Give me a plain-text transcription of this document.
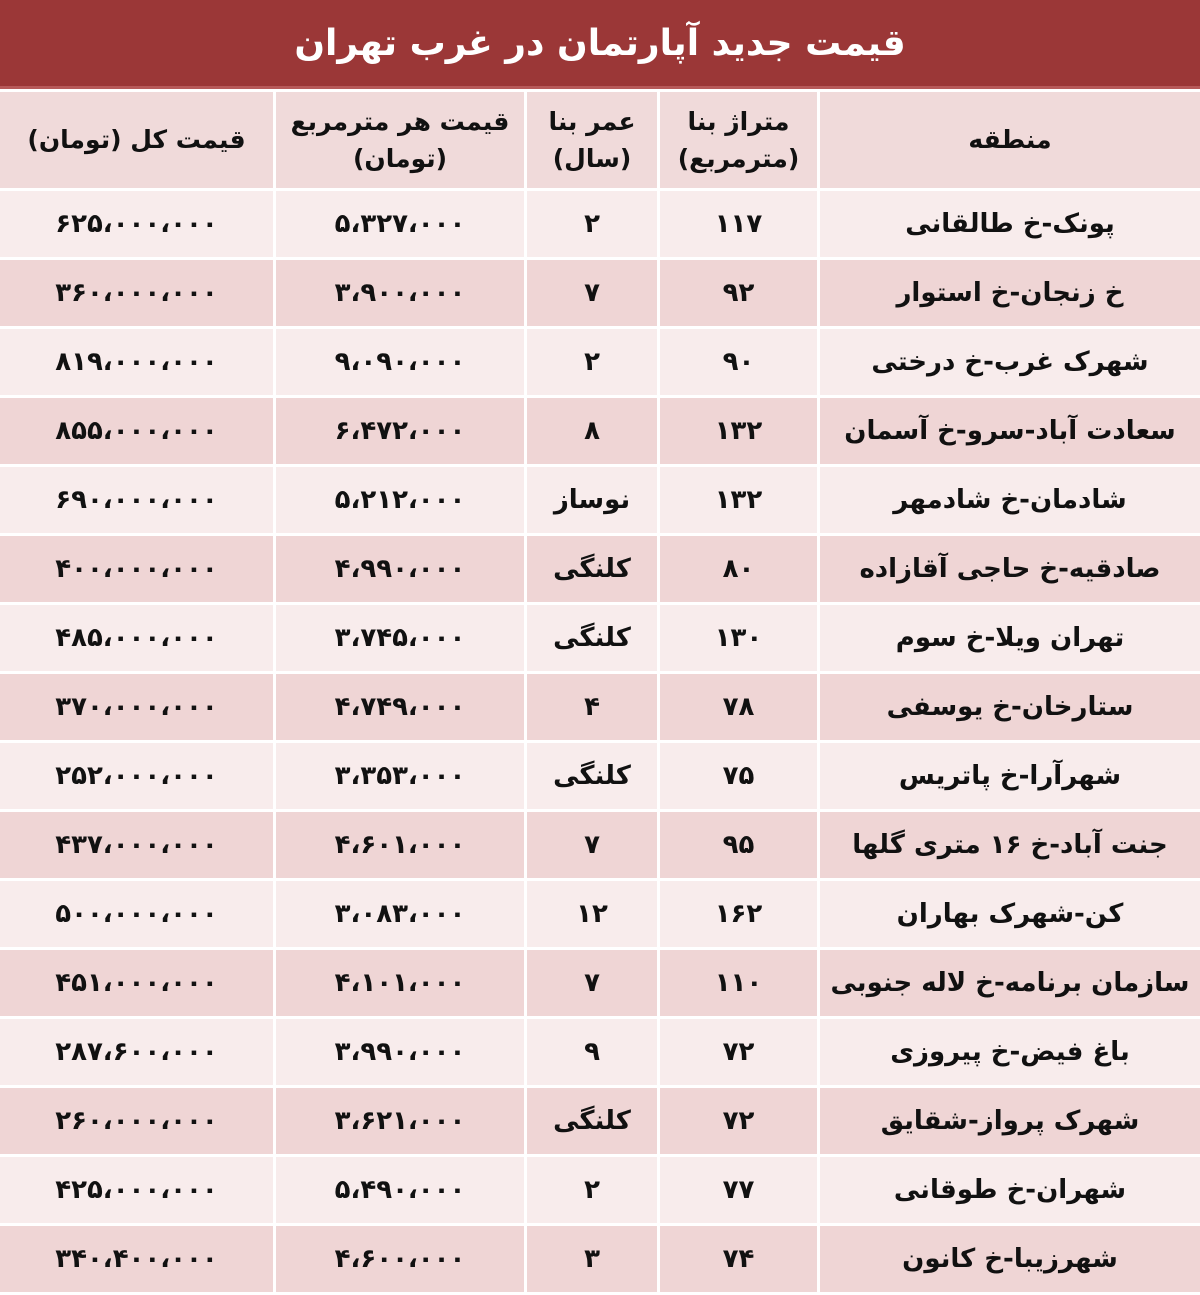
قیمت جدید آپارتمان در غرب تهران
منطقه	متراژ بنا (مترمربع)	عمر بنا (سال)	قیمت هر مترمربع (تومان)	قیمت کل (تومان)
پونک-خ طالقانی	۱۱۷	۲	۵،۳۲۷،۰۰۰	۶۲۵،۰۰۰،۰۰۰
خ زنجان-خ استوار	۹۲	۷	۳،۹۰۰،۰۰۰	۳۶۰،۰۰۰،۰۰۰
شهرک غرب-خ درختی	۹۰	۲	۹،۰۹۰،۰۰۰	۸۱۹،۰۰۰،۰۰۰
سعادت آباد-سرو-خ آسمان	۱۳۲	۸	۶،۴۷۲،۰۰۰	۸۵۵،۰۰۰،۰۰۰
شادمان-خ شادمهر	۱۳۲	نوساز	۵،۲۱۲،۰۰۰	۶۹۰،۰۰۰،۰۰۰
صادقیه-خ حاجی آقازاده	۸۰	کلنگی	۴،۹۹۰،۰۰۰	۴۰۰،۰۰۰،۰۰۰
تهران ویلا-خ سوم	۱۳۰	کلنگی	۳،۷۴۵،۰۰۰	۴۸۵،۰۰۰،۰۰۰
ستارخان-خ یوسفی	۷۸	۴	۴،۷۴۹،۰۰۰	۳۷۰،۰۰۰،۰۰۰
شهرآرا-خ پاتریس	۷۵	کلنگی	۳،۳۵۳،۰۰۰	۲۵۲،۰۰۰،۰۰۰
جنت آباد-خ ۱۶ متری گلها	۹۵	۷	۴،۶۰۱،۰۰۰	۴۳۷،۰۰۰،۰۰۰
کن-شهرک بهاران	۱۶۲	۱۲	۳،۰۸۳،۰۰۰	۵۰۰،۰۰۰،۰۰۰
سازمان برنامه-خ لاله جنوبی	۱۱۰	۷	۴،۱۰۱،۰۰۰	۴۵۱،۰۰۰،۰۰۰
باغ فیض-خ پیروزی	۷۲	۹	۳،۹۹۰،۰۰۰	۲۸۷،۶۰۰،۰۰۰
شهرک پرواز-شقایق	۷۲	کلنگی	۳،۶۲۱،۰۰۰	۲۶۰،۰۰۰،۰۰۰
شهران-خ طوقانی	۷۷	۲	۵،۴۹۰،۰۰۰	۴۲۵،۰۰۰،۰۰۰
شهرزیبا-خ کانون	۷۴	۳	۴،۶۰۰،۰۰۰	۳۴۰،۴۰۰،۰۰۰
